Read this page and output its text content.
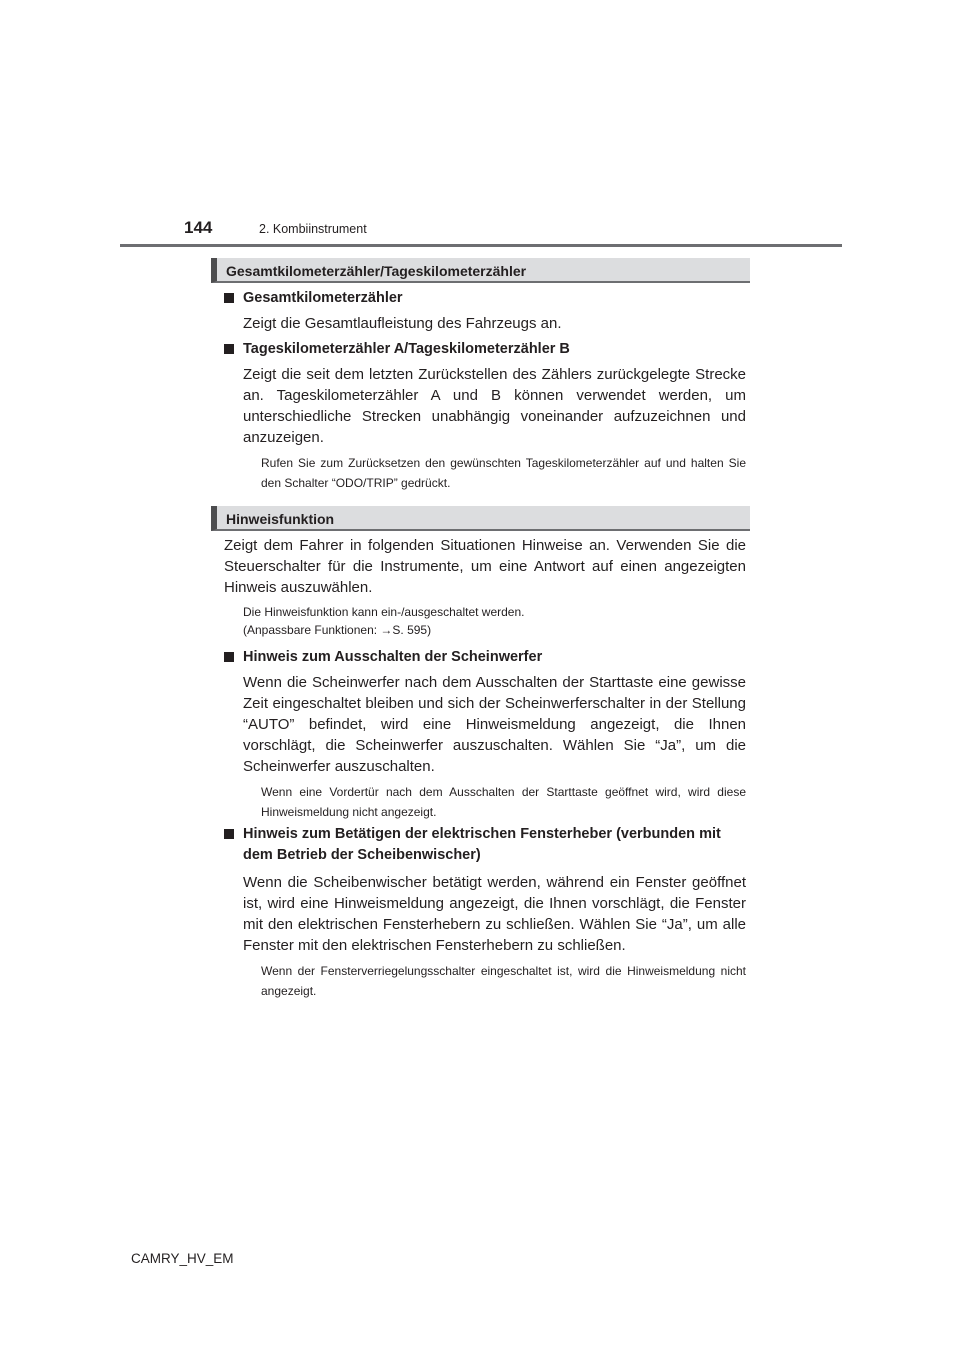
144	2. Kombiinstrument
Gesamtkilometerzähler/Tageskilometerzähler
Gesamtkilometerzähler
Zeigt die Gesamtlaufleistung des Fahrzeugs an.
Tageskilometerzähler A/Tageskilometerzähler B
Zeigt die seit dem letzten Zurückstellen des Zählers zurückgelegte Strecke an. Tageskilometerzähler A und B können verwendet werden, um unterschiedliche Strecken unabhängig voneinander aufzuzeichnen und anzuzeigen.
Rufen Sie zum Zurücksetzen den gewünschten Tageskilometerzähler auf und halten Sie den Schalter “ODO/TRIP” gedrückt.
Hinweisfunktion
Zeigt dem Fahrer in folgenden Situationen Hinweise an. Verwenden Sie die Steuerschalter für die Instrumente, um eine Antwort auf einen angezeigten Hinweis auszuwählen.
Die Hinweisfunktion kann ein-/ausgeschaltet werden.
(Anpassbare Funktionen: →S. 595)
Hinweis zum Ausschalten der Scheinwerfer
Wenn die Scheinwerfer nach dem Ausschalten der Starttaste eine gewisse Zeit eingeschaltet bleiben und sich der Scheinwerferschalter in der Stellung “AUTO” befindet, wird eine Hinweismeldung angezeigt, die Ihnen vorschlägt, die Scheinwerfer auszuschalten. Wählen Sie “Ja”, um die Scheinwerfer auszuschalten.
Wenn eine Vordertür nach dem Ausschalten der Starttaste geöffnet wird, wird diese Hinweismeldung nicht angezeigt.
Hinweis zum Betätigen der elektrischen Fensterheber (verbunden mit dem Betrieb der Scheibenwischer)
Wenn die Scheibenwischer betätigt werden, während ein Fenster geöffnet ist, wird eine Hinweismeldung angezeigt, die Ihnen vorschlägt, die Fenster mit den elektrischen Fensterhebern zu schließen. Wählen Sie “Ja”, um alle Fenster mit den elektrischen Fensterhebern zu schließen.
Wenn der Fensterverriegelungsschalter eingeschaltet ist, wird die Hinweismeldung nicht angezeigt.
CAMRY_HV_EM
